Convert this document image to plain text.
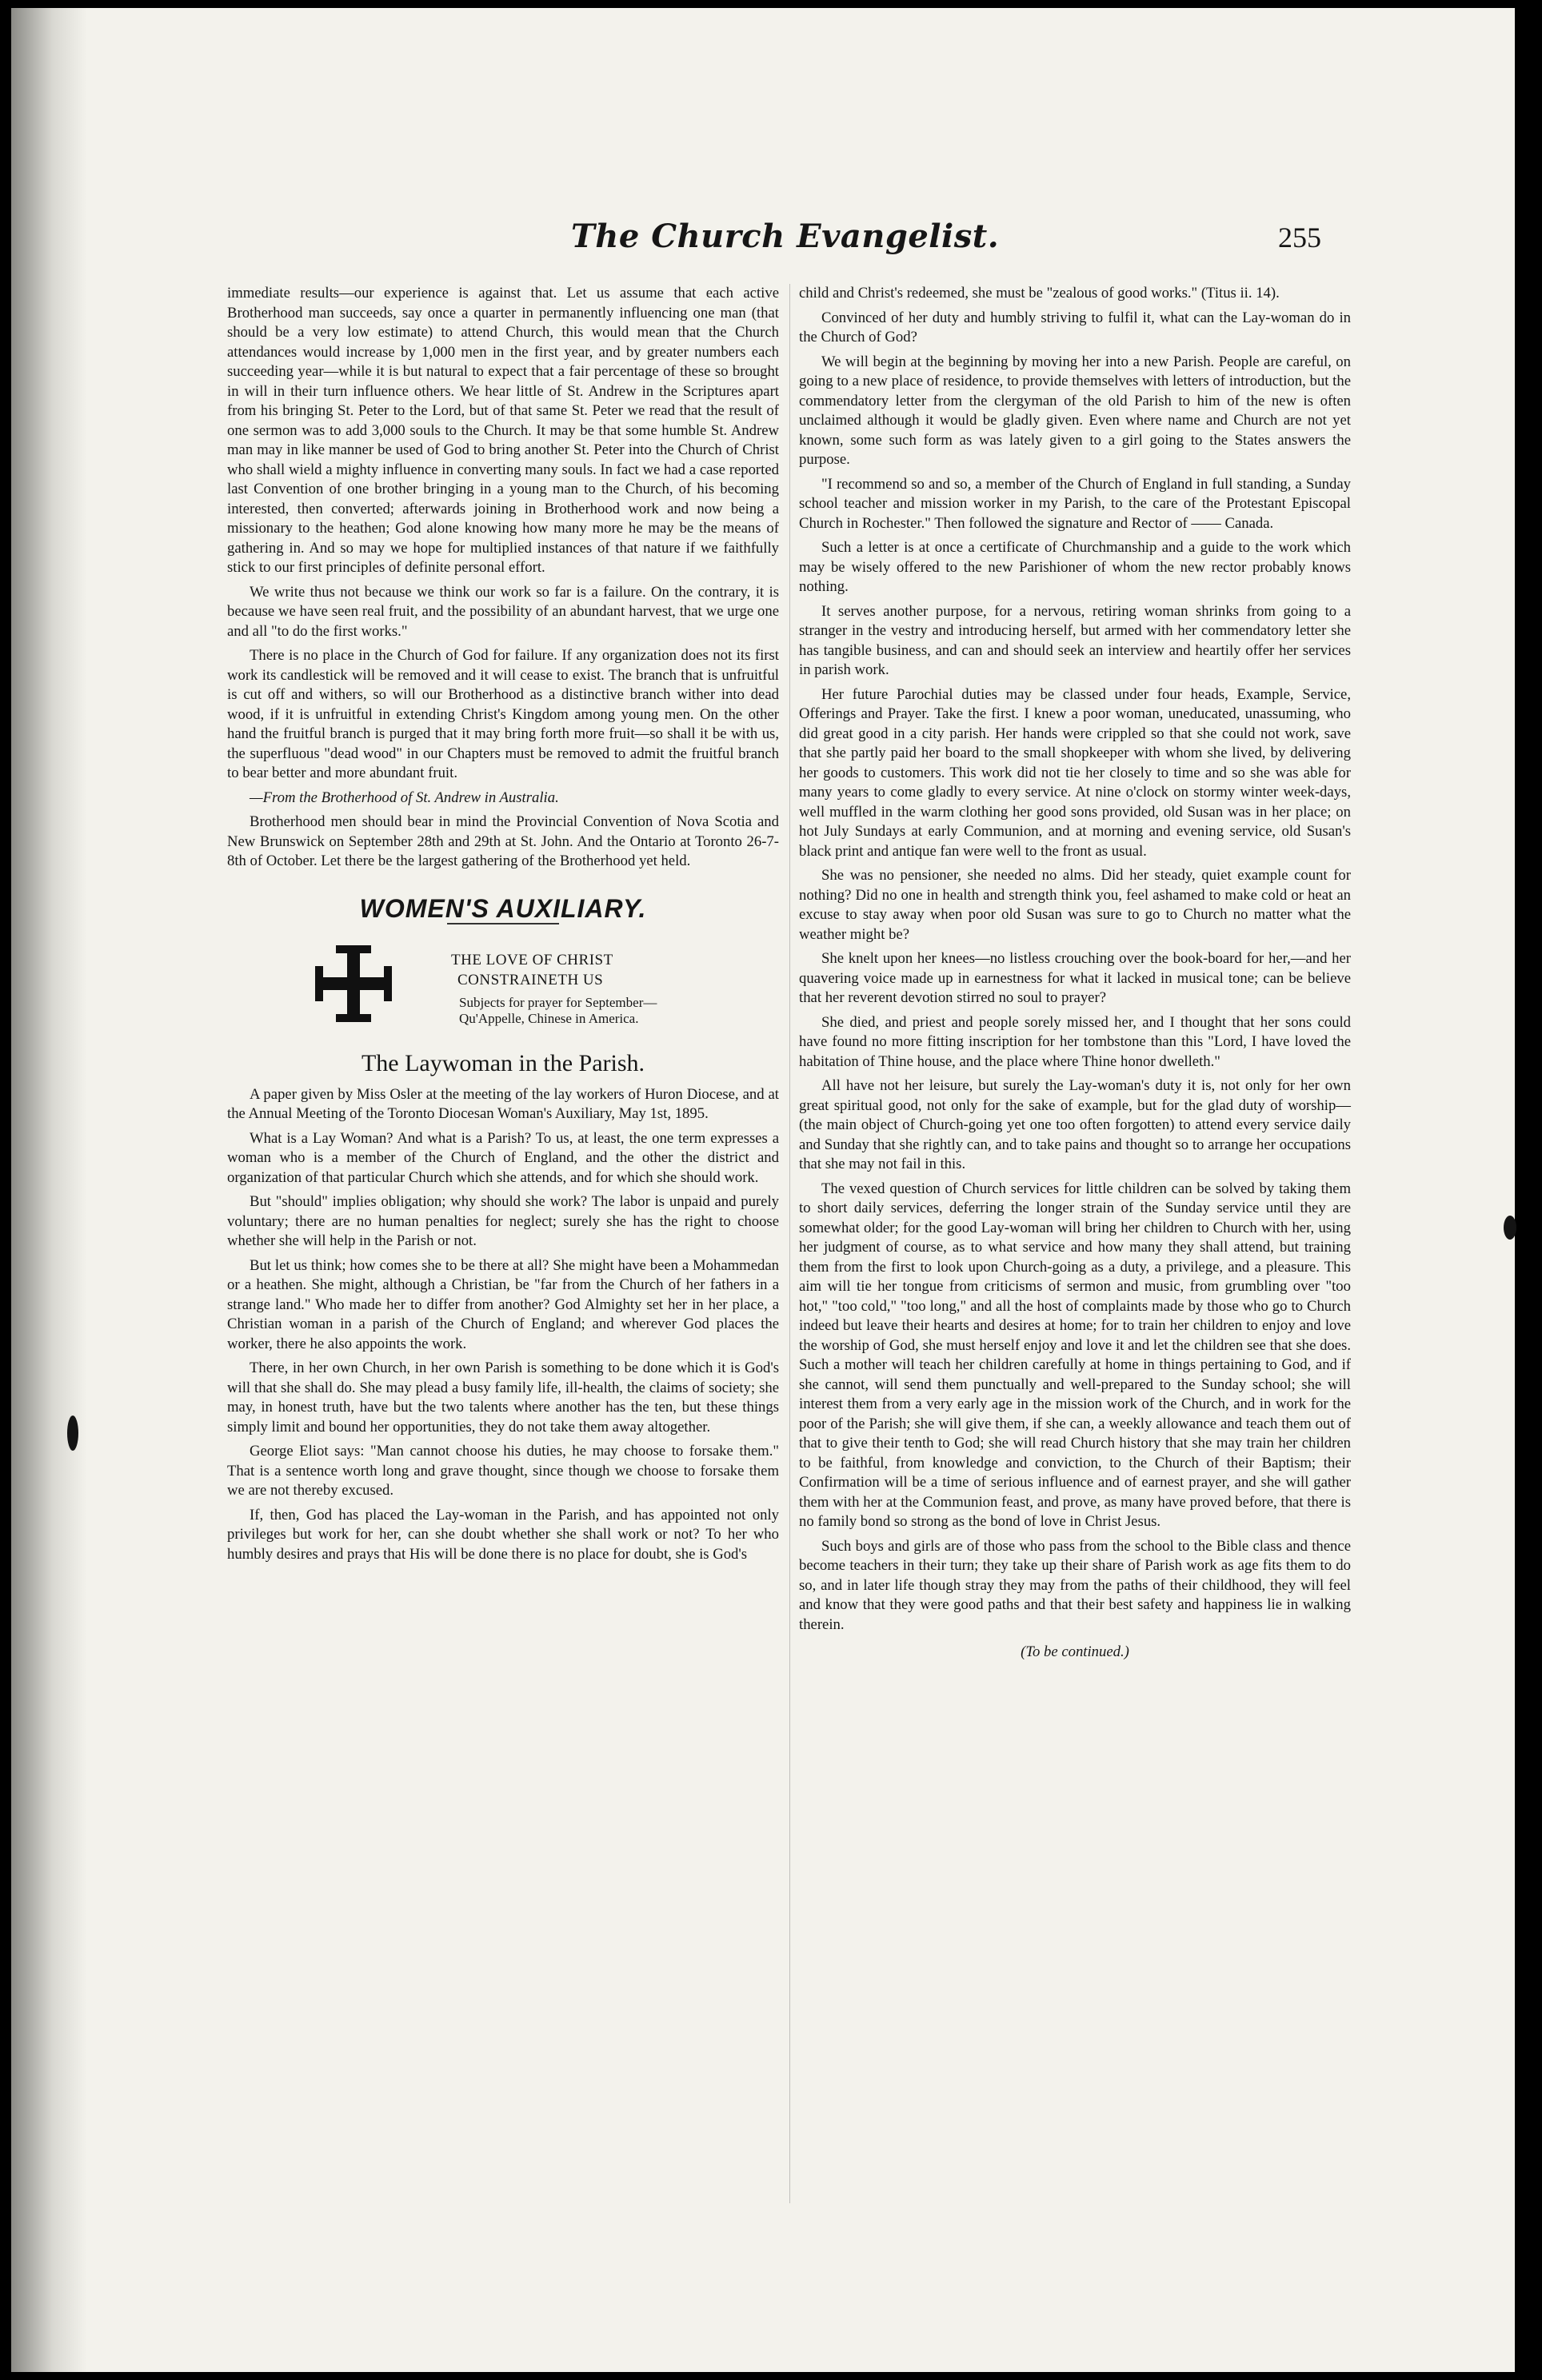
The Church Evangelist.	255

immediate results—our experience is against that. Let us assume that each active Brotherhood man succeeds, say once a quarter in permanently influencing one man (that should be a very low estimate) to attend Church, this would mean that the Church attendances would increase by 1,000 men in the first year, and by greater numbers each succeeding year—while it is but natural to expect that a fair percentage of these so brought in will in their turn influence others. We hear little of St. Andrew in the Scriptures apart from his bringing St. Peter to the Lord, but of that same St. Peter we read that the result of one sermon was to add 3,000 souls to the Church. It may be that some humble St. Andrew man may in like manner be used of God to bring another St. Peter into the Church of Christ who shall wield a mighty influence in converting many souls. In fact we had a case reported last Convention of one brother bringing in a young man to the Church, of his becoming interested, then converted; afterwards joining in Brotherhood work and now being a missionary to the heathen; God alone knowing how many more he may be the means of gathering in. And so may we hope for multiplied instances of that nature if we faithfully stick to our first principles of definite personal effort.

We write thus not because we think our work so far is a failure. On the contrary, it is because we have seen real fruit, and the possibility of an abundant harvest, that we urge one and all "to do the first works."

There is no place in the Church of God for failure. If any organization does not its first work its candlestick will be removed and it will cease to exist. The branch that is unfruitful is cut off and withers, so will our Brotherhood as a distinctive branch wither into dead wood, if it is unfruitful in extending Christ's Kingdom among young men. On the other hand the fruitful branch is purged that it may bring forth more fruit—so shall it be with us, the superfluous "dead wood" in our Chapters must be removed to admit the fruitful branch to bear better and more abundant fruit.

—From the Brotherhood of St. Andrew in Australia.

Brotherhood men should bear in mind the Provincial Convention of Nova Scotia and New Brunswick on September 28th and 29th at St. John. And the Ontario at Toronto 26-7-8th of October. Let there be the largest gathering of the Brotherhood yet held.

WOMEN'S AUXILIARY.
THE LOVE OF CHRIST
CONSTRAINETH US
Subjects for prayer for September—
Qu'Appelle, Chinese in America.
The Laywoman in the Parish.

A paper given by Miss Osler at the meeting of the lay workers of Huron Diocese, and at the Annual Meeting of the Toronto Diocesan Woman's Auxiliary, May 1st, 1895.

What is a Lay Woman? And what is a Parish? To us, at least, the one term expresses a woman who is a member of the Church of England, and the other the district and organization of that particular Church which she attends, and for which she should work.

But "should" implies obligation; why should she work? The labor is unpaid and purely voluntary; there are no human penalties for neglect; surely she has the right to choose whether she will help in the Parish or not.

But let us think; how comes she to be there at all? She might have been a Mohammedan or a heathen. She might, although a Christian, be "far from the Church of her fathers in a strange land." Who made her to differ from another? God Almighty set her in her place, a Christian woman in a parish of the Church of England; and wherever God places the worker, there he also appoints the work.

There, in her own Church, in her own Parish is something to be done which it is God's will that she shall do. She may plead a busy family life, ill-health, the claims of society; she may, in honest truth, have but the two talents where another has the ten, but these things simply limit and bound her opportunities, they do not take them away altogether.

George Eliot says: "Man cannot choose his duties, he may choose to forsake them." That is a sentence worth long and grave thought, since though we choose to forsake them we are not thereby excused.

If, then, God has placed the Lay-woman in the Parish, and has appointed not only privileges but work for her, can she doubt whether she shall work or not? To her who humbly desires and prays that His will be done there is no place for doubt, she is God's

child and Christ's redeemed, she must be "zealous of good works." (Titus ii. 14).

Convinced of her duty and humbly striving to fulfil it, what can the Lay-woman do in the Church of God?

We will begin at the beginning by moving her into a new Parish. People are careful, on going to a new place of residence, to provide themselves with letters of introduction, but the commendatory letter from the clergyman of the old Parish to him of the new is often unclaimed although it would be gladly given. Even where name and Church are not yet known, some such form as was lately given to a girl going to the States answers the purpose.

"I recommend so and so, a member of the Church of England in full standing, a Sunday school teacher and mission worker in my Parish, to the care of the Protestant Episcopal Church in Rochester." Then followed the signature and Rector of —— Canada.

Such a letter is at once a certificate of Churchmanship and a guide to the work which may be wisely offered to the new Parishioner of whom the new rector probably knows nothing.

It serves another purpose, for a nervous, retiring woman shrinks from going to a stranger in the vestry and introducing herself, but armed with her commendatory letter she has tangible business, and can and should seek an interview and heartily offer her services in parish work.

Her future Parochial duties may be classed under four heads, Example, Service, Offerings and Prayer. Take the first. I knew a poor woman, uneducated, unassuming, who did great good in a city parish. Her hands were crippled so that she could not work, save that she partly paid her board to the small shopkeeper with whom she lived, by delivering her goods to customers. This work did not tie her closely to time and so she was able for many years to come gladly to every service. At nine o'clock on stormy winter week-days, well muffled in the warm clothing her good sons provided, old Susan was in her place; on hot July Sundays at early Communion, and at morning and evening service, old Susan's black print and antique fan were well to the front as usual.

She was no pensioner, she needed no alms. Did her steady, quiet example count for nothing? Did no one in health and strength think you, feel ashamed to make cold or heat an excuse to stay away when poor old Susan was sure to go to Church no matter what the weather might be?

She knelt upon her knees—no listless crouching over the book-board for her,—and her quavering voice made up in earnestness for what it lacked in musical tone; can be believe that her reverent devotion stirred no soul to prayer?

She died, and priest and people sorely missed her, and I thought that her sons could have found no more fitting inscription for her tombstone than this "Lord, I have loved the habitation of Thine house, and the place where Thine honor dwelleth."

All have not her leisure, but surely the Lay-woman's duty it is, not only for her own great spiritual good, not only for the sake of example, but for the glad duty of worship—(the main object of Church-going yet one too often forgotten) to attend every service daily and Sunday that she rightly can, and to take pains and thought so to arrange her occupations that she may not fail in this.

The vexed question of Church services for little children can be solved by taking them to short daily services, deferring the longer strain of the Sunday service until they are somewhat older; for the good Lay-woman will bring her children to Church with her, using her judgment of course, as to what service and how many they shall attend, but training them from the first to look upon Church-going as a duty, a privilege, and a pleasure. This aim will tie her tongue from criticisms of sermon and music, from grumbling over "too hot," "too cold," "too long," and all the host of complaints made by those who go to Church indeed but leave their hearts and desires at home; for to train her children to enjoy and love the worship of God, she must herself enjoy and love it and let the children see that she does. Such a mother will teach her children carefully at home in things pertaining to God, and if she cannot, will send them punctually and well-prepared to the Sunday school; she will interest them from a very early age in the mission work of the Church, and in work for the poor of the Parish; she will give them, if she can, a weekly allowance and teach them out of that to give their tenth to God; she will read Church history that she may train her children to be faithful, from knowledge and conviction, to the Church of their Baptism; their Confirmation will be a time of serious influence and of earnest prayer, and she will gather them with her at the Communion feast, and prove, as many have proved before, that there is no family bond so strong as the bond of love in Christ Jesus.

Such boys and girls are of those who pass from the school to the Bible class and thence become teachers in their turn; they take up their share of Parish work as age fits them to do so, and in later life though stray they may from the paths of their childhood, they will feel and know that they were good paths and that their best safety and happiness lie in walking therein.

(To be continued.)
